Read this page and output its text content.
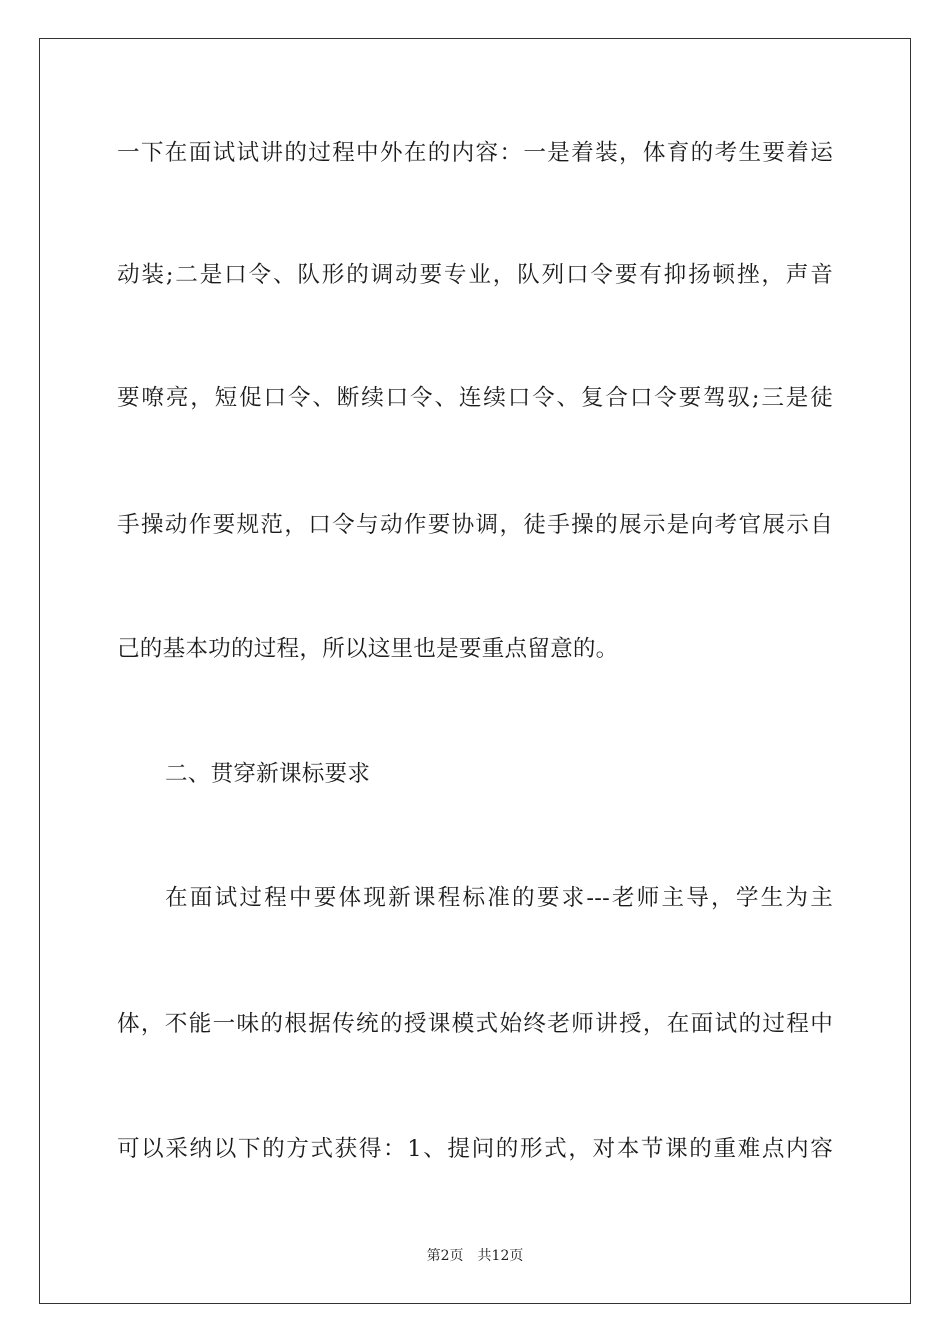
一下在面试试讲的过程中外在的内容：一是着装，体育的考生要着运
动装;二是口令、队形的调动要专业，队列口令要有抑扬顿挫，声音
要嘹亮，短促口令、断续口令、连续口令、复合口令要驾驭;三是徒
手操动作要规范，口令与动作要协调，徒手操的展示是向考官展示自
己的基本功的过程，所以这里也是要重点留意的。
二、贯穿新课标要求
在面试过程中要体现新课程标准的要求---老师主导，学生为主
体，不能一味的根据传统的授课模式始终老师讲授，在面试的过程中
可以采纳以下的方式获得：1、提问的形式，对本节课的重难点内容
第2页 共12页
